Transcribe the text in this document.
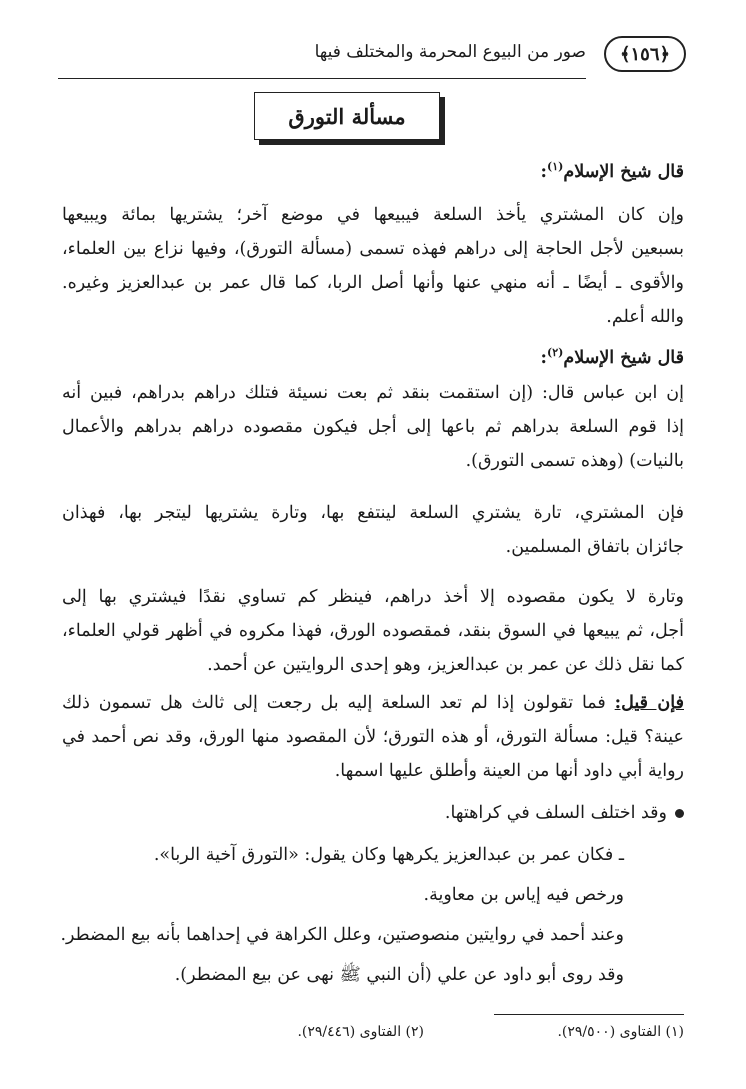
﴿١٥٦﴾
صور من البيوع المحرمة والمختلف فيها
مسألة التورق
قال شيخ الإسلام$^{(١)}$:
وإن كان المشتري يأخذ السلعة فيبيعها في موضع آخر؛ يشتريها بمائة ويبيعها
بسبعين لأجل الحاجة إلى دراهم فهذه تسمى (مسألة التورق)، وفيها نزاع بين العلماء،
والأقوى ـ أيضًا ـ أنه منهي عنها وأنها أصل الربا، كما قال عمر بن عبدالعزيز وغيره.
والله أعلم.
قال شيخ الإسلام$^{(٢)}$:
إن ابن عباس قال: (إن استقمت بنقد ثم بعت نسيئة فتلك دراهم بدراهم، فبين أنه
إذا قوم السلعة بدراهم ثم باعها إلى أجل فيكون مقصوده دراهم بدراهم والأعمال
بالنيات) (وهذه تسمى التورق).
فإن المشتري، تارة يشتري السلعة لينتفع بها، وتارة يشتريها ليتجر بها، فهذان
جائزان باتفاق المسلمين.
وتارة لا يكون مقصوده إلا أخذ دراهم، فينظر كم تساوي نقدًا فيشتري بها إلى
أجل، ثم يبيعها في السوق بنقد، فمقصوده الورق، فهذا مكروه في أظهر قولي العلماء،
كما نقل ذلك عن عمر بن عبدالعزيز، وهو إحدى الروايتين عن أحمد.
فإن قيل: فما تقولون إذا لم تعد السلعة إليه بل رجعت إلى ثالث هل تسمون ذلك
عينة؟ قيل: مسألة التورق، أو هذه التورق؛ لأن المقصود منها الورق، وقد نص أحمد في
رواية أبي داود أنها من العينة وأطلق عليها اسمها.
وقد اختلف السلف في كراهتها.
ـ فكان عمر بن عبدالعزيز يكرهها وكان يقول: «التورق آخية الربا».
ورخص فيه إياس بن معاوية.
وعند أحمد في روايتين منصوصتين، وعلل الكراهة في إحداهما بأنه بيع المضطر.
وقد روى أبو داود عن علي (أن النبي ﷺ نهى عن بيع المضطر).
(١) الفتاوى (٢٩/٥٠٠).
(٢) الفتاوى (٢٩/٤٤٦).
